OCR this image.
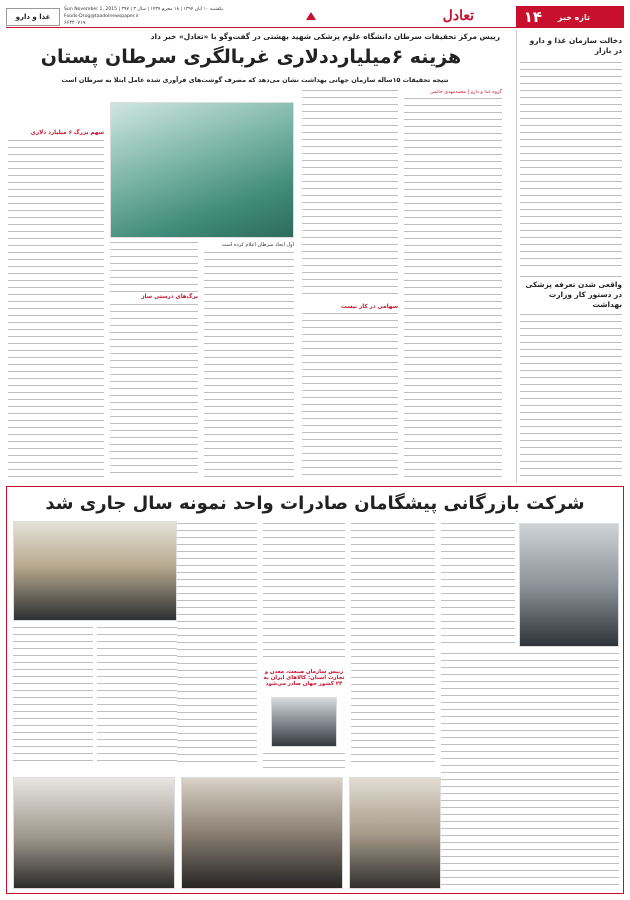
تازه خبر
۱۴
تعادل
یکشنبه ۱۰ آبان ۱۳۹۴ | ۱۸ محرم ۱۴۳۷ | سال ۳ | ۳۹۷ | Sun November 1, 2015
Foods-Drug@taadolnewspaper.ir
۶۶۴۲۰۷۱۹
غذا و دارو
دخالت سازمان غذا و دارو در بازار
واقعی شدن تعرفه پزشکی در دستور کار وزارت بهداشت
رییس مرکز تحقیقات سرطان دانشگاه علوم پزشکی شهید بهشتی در گفت‌وگو با «تعادل» خبر داد
هزینه ۶میلیارددلاری غربالگری سرطان پستان
نتیجه تحقیقات ۱۵ساله سازمان جهانی بهداشت نشان می‌دهد که مصرف گوشت‌های فرآوری شده عامل ابتلا به سرطان است
گروه غذا و دارو | محمدمهدی حاتمی
سهامی در کار نیست
اول ایجاد سرطان اعلام کرده است
برگ‌های درستی ساز
سهم بزرگ ۶ میلیارد دلاری
شرکت بازرگانی پیشگامان صادرات واحد نمونه سال جاری شد
رییس سازمان صنعت، معدن و تجارت استان: کالاهای ایران به ۲۴ کشور جهان صادر می‌شود
